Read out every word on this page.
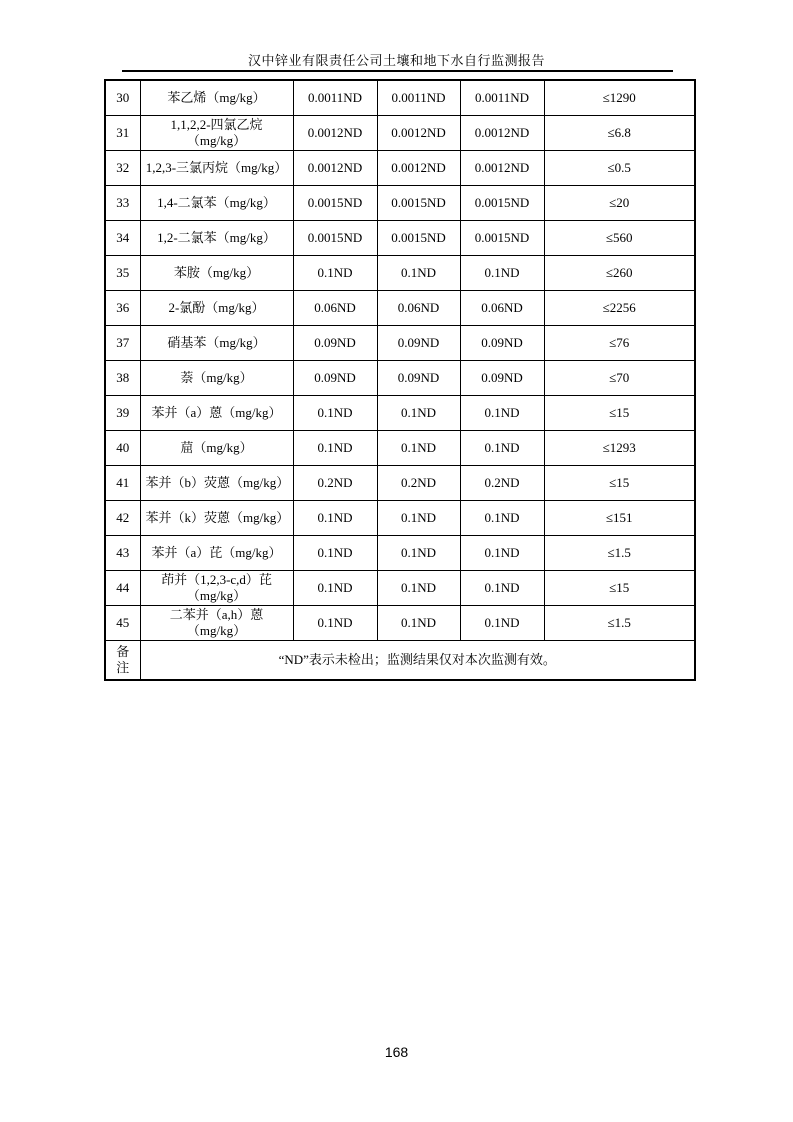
汉中锌业有限责任公司土壤和地下水自行监测报告
30	苯乙烯（mg/kg）	0.0011ND	0.0011ND	0.0011ND	≤1290
31	1,1,2,2-四氯乙烷（mg/kg）	0.0012ND	0.0012ND	0.0012ND	≤6.8
32	1,2,3-三氯丙烷（mg/kg）	0.0012ND	0.0012ND	0.0012ND	≤0.5
33	1,4-二氯苯（mg/kg）	0.0015ND	0.0015ND	0.0015ND	≤20
34	1,2-二氯苯（mg/kg）	0.0015ND	0.0015ND	0.0015ND	≤560
35	苯胺（mg/kg）	0.1ND	0.1ND	0.1ND	≤260
36	2-氯酚（mg/kg）	0.06ND	0.06ND	0.06ND	≤2256
37	硝基苯（mg/kg）	0.09ND	0.09ND	0.09ND	≤76
38	萘（mg/kg）	0.09ND	0.09ND	0.09ND	≤70
39	苯并（a）蒽（mg/kg）	0.1ND	0.1ND	0.1ND	≤15
40	䓛（mg/kg）	0.1ND	0.1ND	0.1ND	≤1293
41	苯并（b）荧蒽（mg/kg）	0.2ND	0.2ND	0.2ND	≤15
42	苯并（k）荧蒽（mg/kg）	0.1ND	0.1ND	0.1ND	≤151
43	苯并（a）芘（mg/kg）	0.1ND	0.1ND	0.1ND	≤1.5
44	茚并（1,2,3-c,d）芘（mg/kg）	0.1ND	0.1ND	0.1ND	≤15
45	二苯并（a,h）蒽（mg/kg）	0.1ND	0.1ND	0.1ND	≤1.5
备注	“ND”表示未检出；监测结果仅对本次监测有效。				
168
